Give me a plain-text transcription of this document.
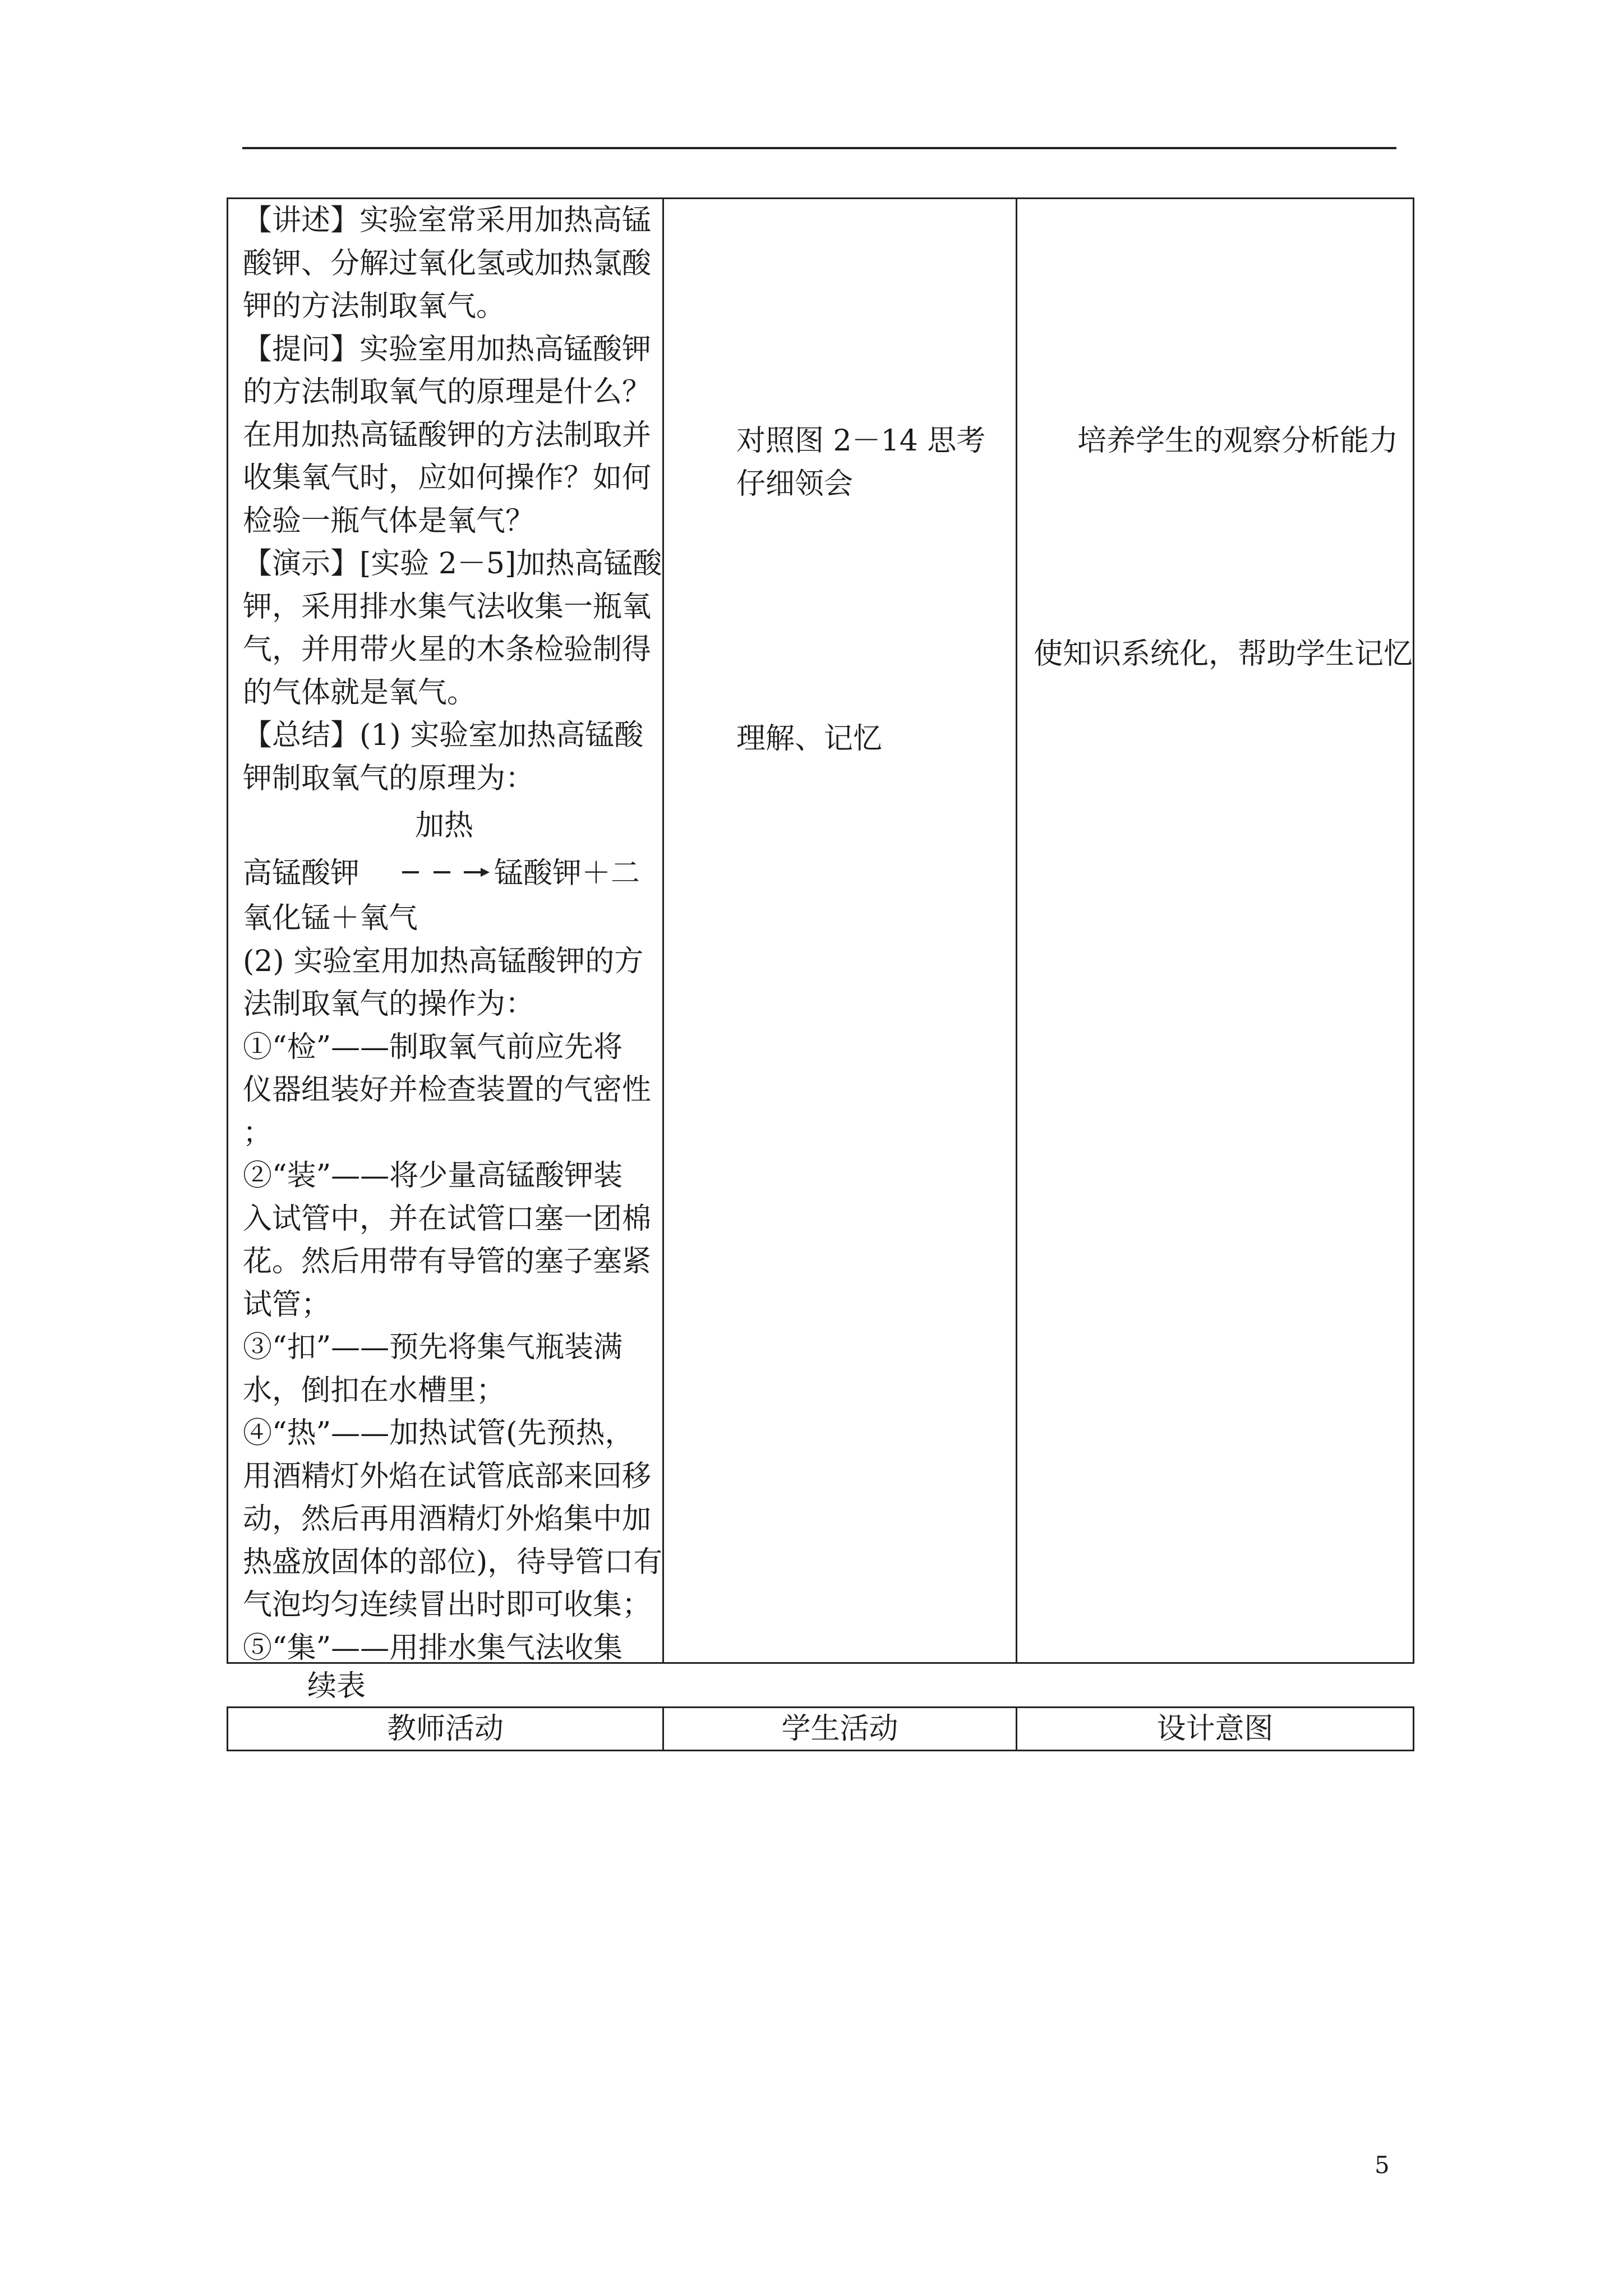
【讲述】实验室常采用加热高锰
酸钾、分解过氧化氢或加热氯酸
钾的方法制取氧气。
【提问】实验室用加热高锰酸钾
的方法制取氧气的原理是什么？
在用加热高锰酸钾的方法制取并
收集氧气时，应如何操作？如何
检验一瓶气体是氧气？
【演示】[实验 2－5]加热高锰酸
钾，采用排水集气法收集一瓶氧
气，并用带火星的木条检验制得
的气体就是氧气。
【总结】(1) 实验室加热高锰酸
钾制取氧气的原理为：
高锰酸钾
加热
锰酸钾＋二
氧化锰＋氧气
(2) 实验室用加热高锰酸钾的方
法制取氧气的操作为：
①“检”——制取氧气前应先将
仪器组装好并检查装置的气密性
；
②“装”——将少量高锰酸钾装
入试管中，并在试管口塞一团棉
花。然后用带有导管的塞子塞紧
试管；
③“扣”——预先将集气瓶装满
水，倒扣在水槽里；
④“热”——加热试管(先预热，
用酒精灯外焰在试管底部来回移
动，然后再用酒精灯外焰集中加
热盛放固体的部位)，待导管口有
气泡均匀连续冒出时即可收集；
⑤“集”——用排水集气法收集
对照图 2－14 思考
仔细领会
理解、记忆
培养学生的观察分析能力
使知识系统化，帮助学生记忆
续表
教师活动	学生活动	设计意图
5
